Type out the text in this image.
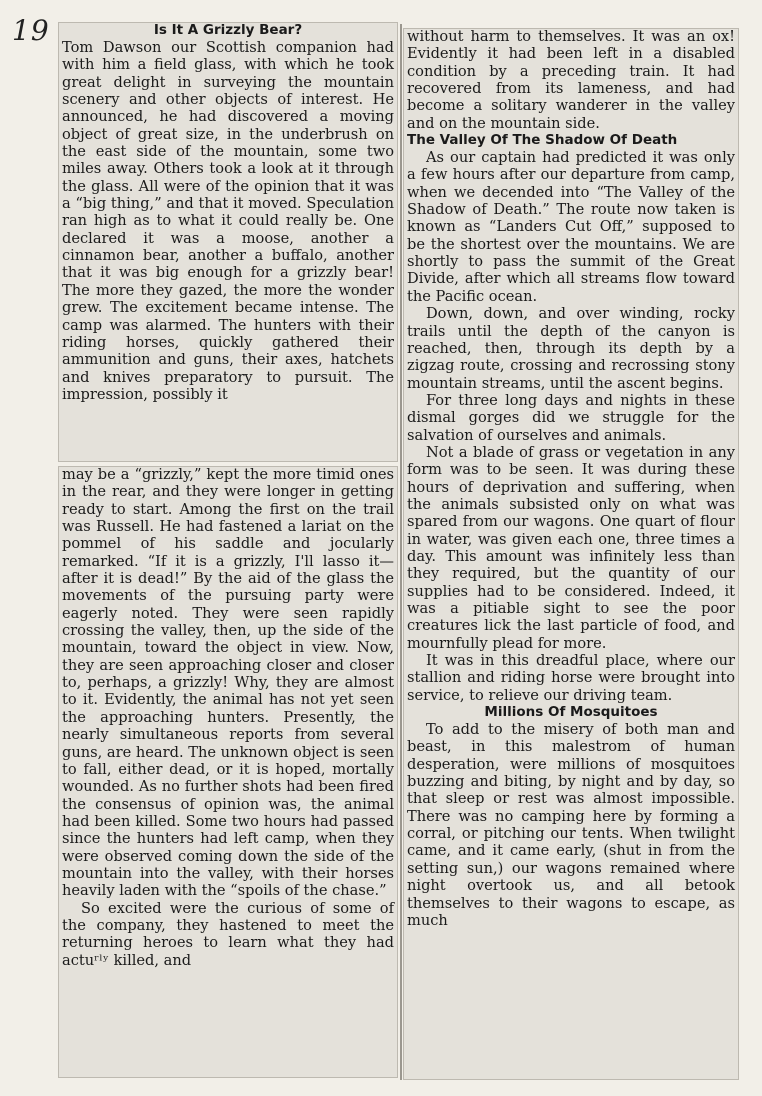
19	Is It A Grizzly Bear?

Tom Dawson our Scottish companion had with him a field glass, with which he took great delight in surveying the mountain scenery and other objects of interest. He announced, he had discovered a moving object of great size, in the underbrush on the east side of the mountain, some two miles away. Others took a look at it through the glass. All were of the opinion that it was a “big thing,” and that it moved. Speculation ran high as to what it could really be. One declared it was a moose, another a cinnamon bear, another a buffalo, another that it was big enough for a grizzly bear! The more they gazed, the more the wonder grew. The excitement became intense. The camp was alarmed. The hunters with their riding horses, quickly gathered their ammunition and guns, their axes, hatchets and knives preparatory to pursuit. The impression, possibly it

may be a “grizzly,” kept the more timid ones in the rear, and they were longer in getting ready to start. Among the first on the trail was Russell. He had fastened a lariat on the pommel of his saddle and jocularly remarked. “If it is a grizzly, I'll lasso it—after it is dead!” By the aid of the glass the movements of the pursuing party were eagerly noted. They were seen rapidly crossing the valley, then, up the side of the mountain, toward the object in view. Now, they are seen approaching closer and closer to, perhaps, a grizzly! Why, they are almost to it. Evidently, the animal has not yet seen the approaching hunters. Presently, the nearly simultaneous reports from several guns, are heard. The unknown object is seen to fall, either dead, or it is hoped, mortally wounded. As no further shots had been fired the consensus of opinion was, the animal had been killed. Some two hours had passed since the hunters had left camp, when they were observed coming down the side of the mountain into the valley, with their horses heavily laden with the “spoils of the chase.”

So excited were the curious of some of the company, they hastened to meet the returning heroes to learn what they had actuʳˡʸ killed, and

without harm to themselves. It was an ox! Evidently it had been left in a disabled condition by a preceding train. It had recovered from its lameness, and had become a solitary wanderer in the valley and on the mountain side.

The Valley Of The Shadow Of Death

As our captain had predicted it was only a few hours after our departure from camp, when we decended into “The Valley of the Shadow of Death.” The route now taken is known as “Landers Cut Off,” supposed to be the shortest over the mountains. We are shortly to pass the summit of the Great Divide, after which all streams flow toward the Pacific ocean.

Down, down, and over winding, rocky trails until the depth of the canyon is reached, then, through its depth by a zigzag route, crossing and recrossing stony mountain streams, until the ascent begins.

For three long days and nights in these dismal gorges did we struggle for the salvation of ourselves and animals.

Not a blade of grass or vegetation in any form was to be seen. It was during these hours of deprivation and suffering, when the animals subsisted only on what was spared from our wagons. One quart of flour in water, was given each one, three times a day. This amount was infinitely less than they required, but the quantity of our supplies had to be considered. Indeed, it was a pitiable sight to see the poor creatures lick the last particle of food, and mournfully plead for more.

It was in this dreadful place, where our stallion and riding horse were brought into service, to relieve our driving team.

Millions Of Mosquitoes

To add to the misery of both man and beast, in this malestrom of human desperation, were millions of mosquitoes buzzing and biting, by night and by day, so that sleep or rest was almost impossible. There was no camping here by forming a corral, or pitching our tents. When twilight came, and it came early, (shut in from the setting sun,) our wagons remained where night overtook us, and all betook themselves to their wagons to escape, as much
